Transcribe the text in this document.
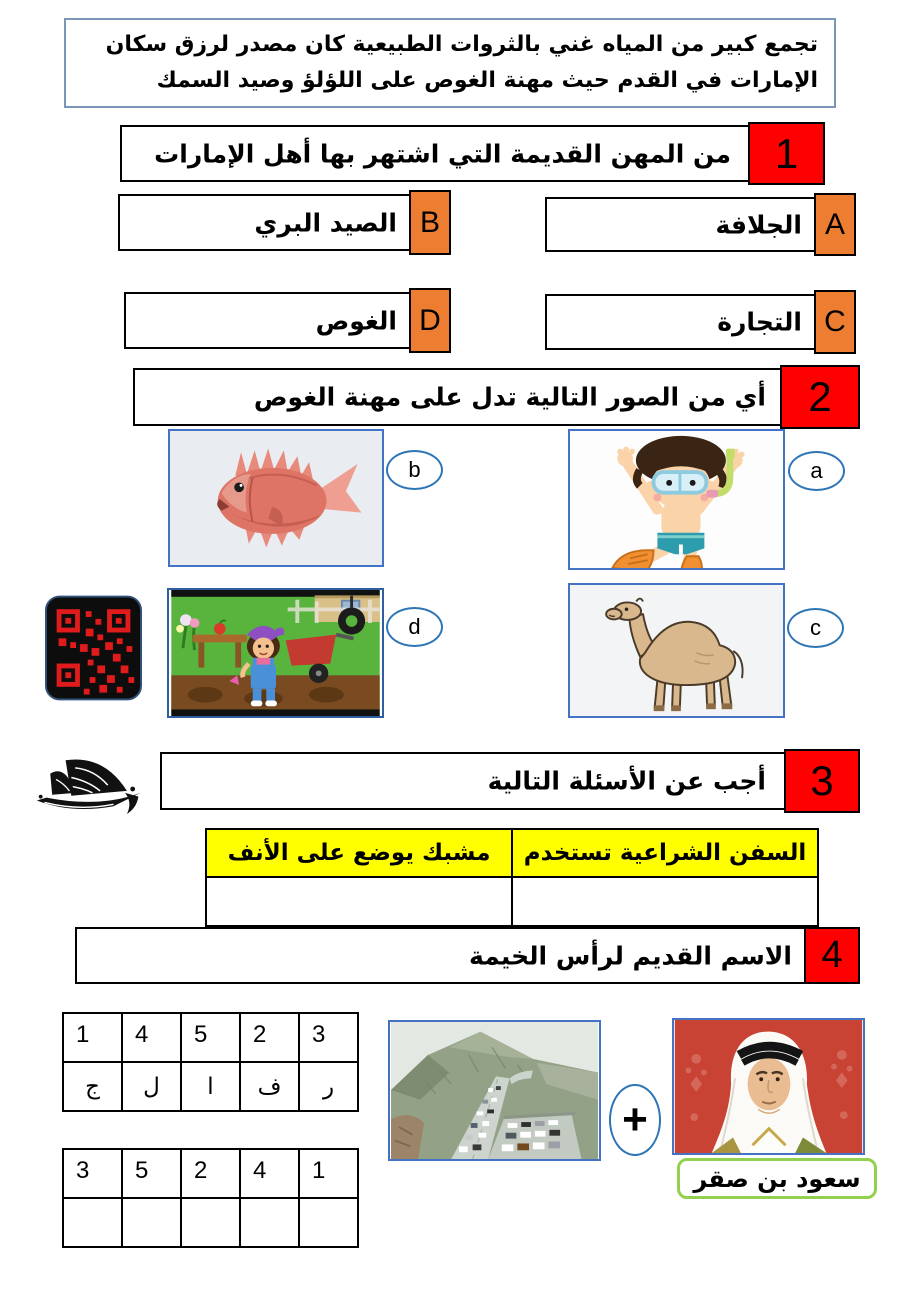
تجمع كبير من المياه غني بالثروات الطبيعية كان مصدر لرزق سكان الإمارات في القدم حيث مهنة الغوص على اللؤلؤ وصيد السمك

من المهن القديمة التي اشتهر بها أهل الإمارات	1
الجلافة A
الصيد البري B
التجارة C
الغوص D
أي من الصور التالية تدل على مهنة الغوص	2
a
b
c
d
أجب عن الأسئلة التالية	3
السفن الشراعية تستخدم	مشبك يوضع على الأنف

الاسم القديم لرأس الخيمة 4
1	4	5	2	3
ج	ل	ا	ف	ر
3	5	2	4	1

+
سعود بن صقر
